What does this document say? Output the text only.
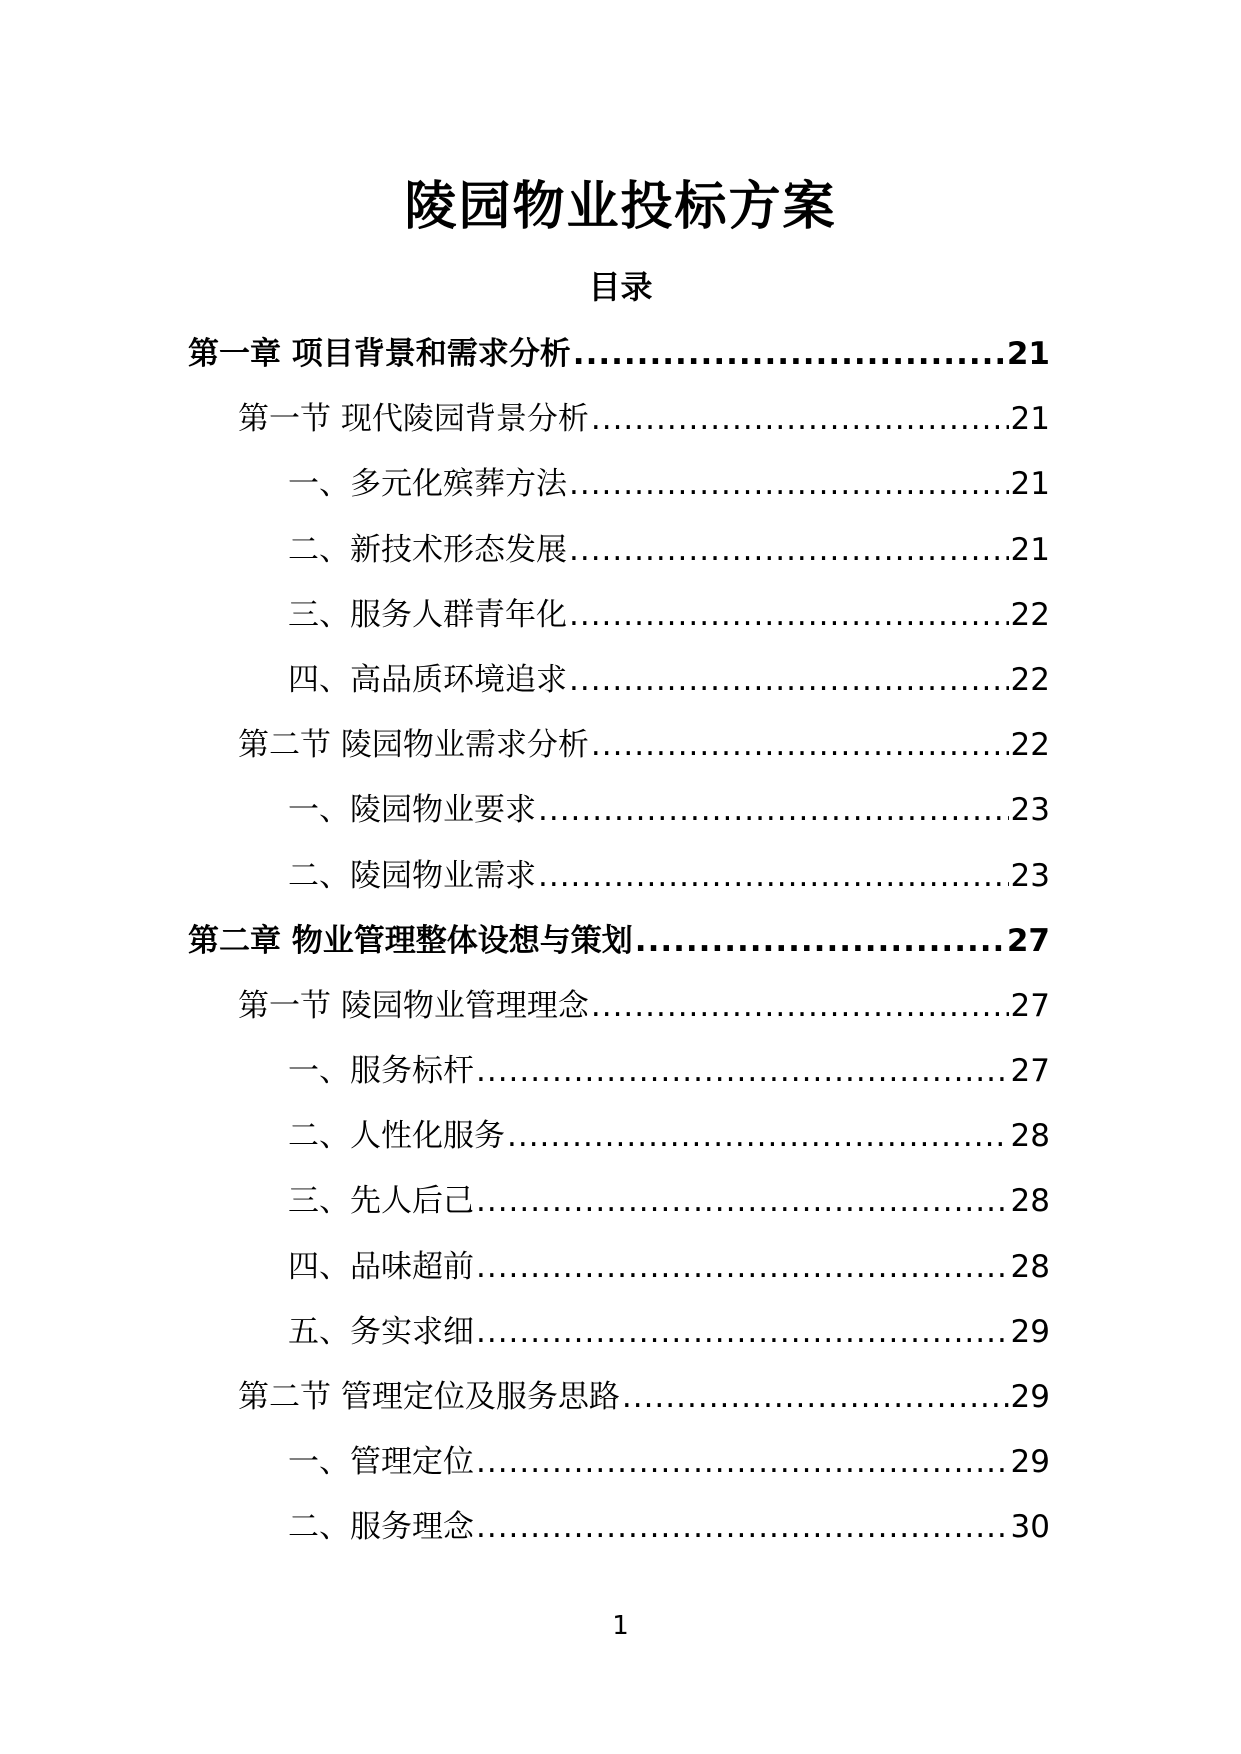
陵园物业投标方案
目录
第一章 项目背景和需求分析 .....	21
第一节 现代陵园背景分析 .....	21
一、多元化殡葬方法 .....	21
二、新技术形态发展 .....	21
三、服务人群青年化 .....	22
四、高品质环境追求 .....	22
第二节 陵园物业需求分析 .....	22
一、陵园物业要求 .....	23
二、陵园物业需求 .....	23
第二章 物业管理整体设想与策划 .....	27
第一节 陵园物业管理理念 .....	27
一、服务标杆 .....	27
二、人性化服务 .....	28
三、先人后己 .....	28
四、品味超前 .....	28
五、务实求细 .....	29
第二节 管理定位及服务思路 .....	29
一、管理定位 .....	29
二、服务理念 .....	30
1
